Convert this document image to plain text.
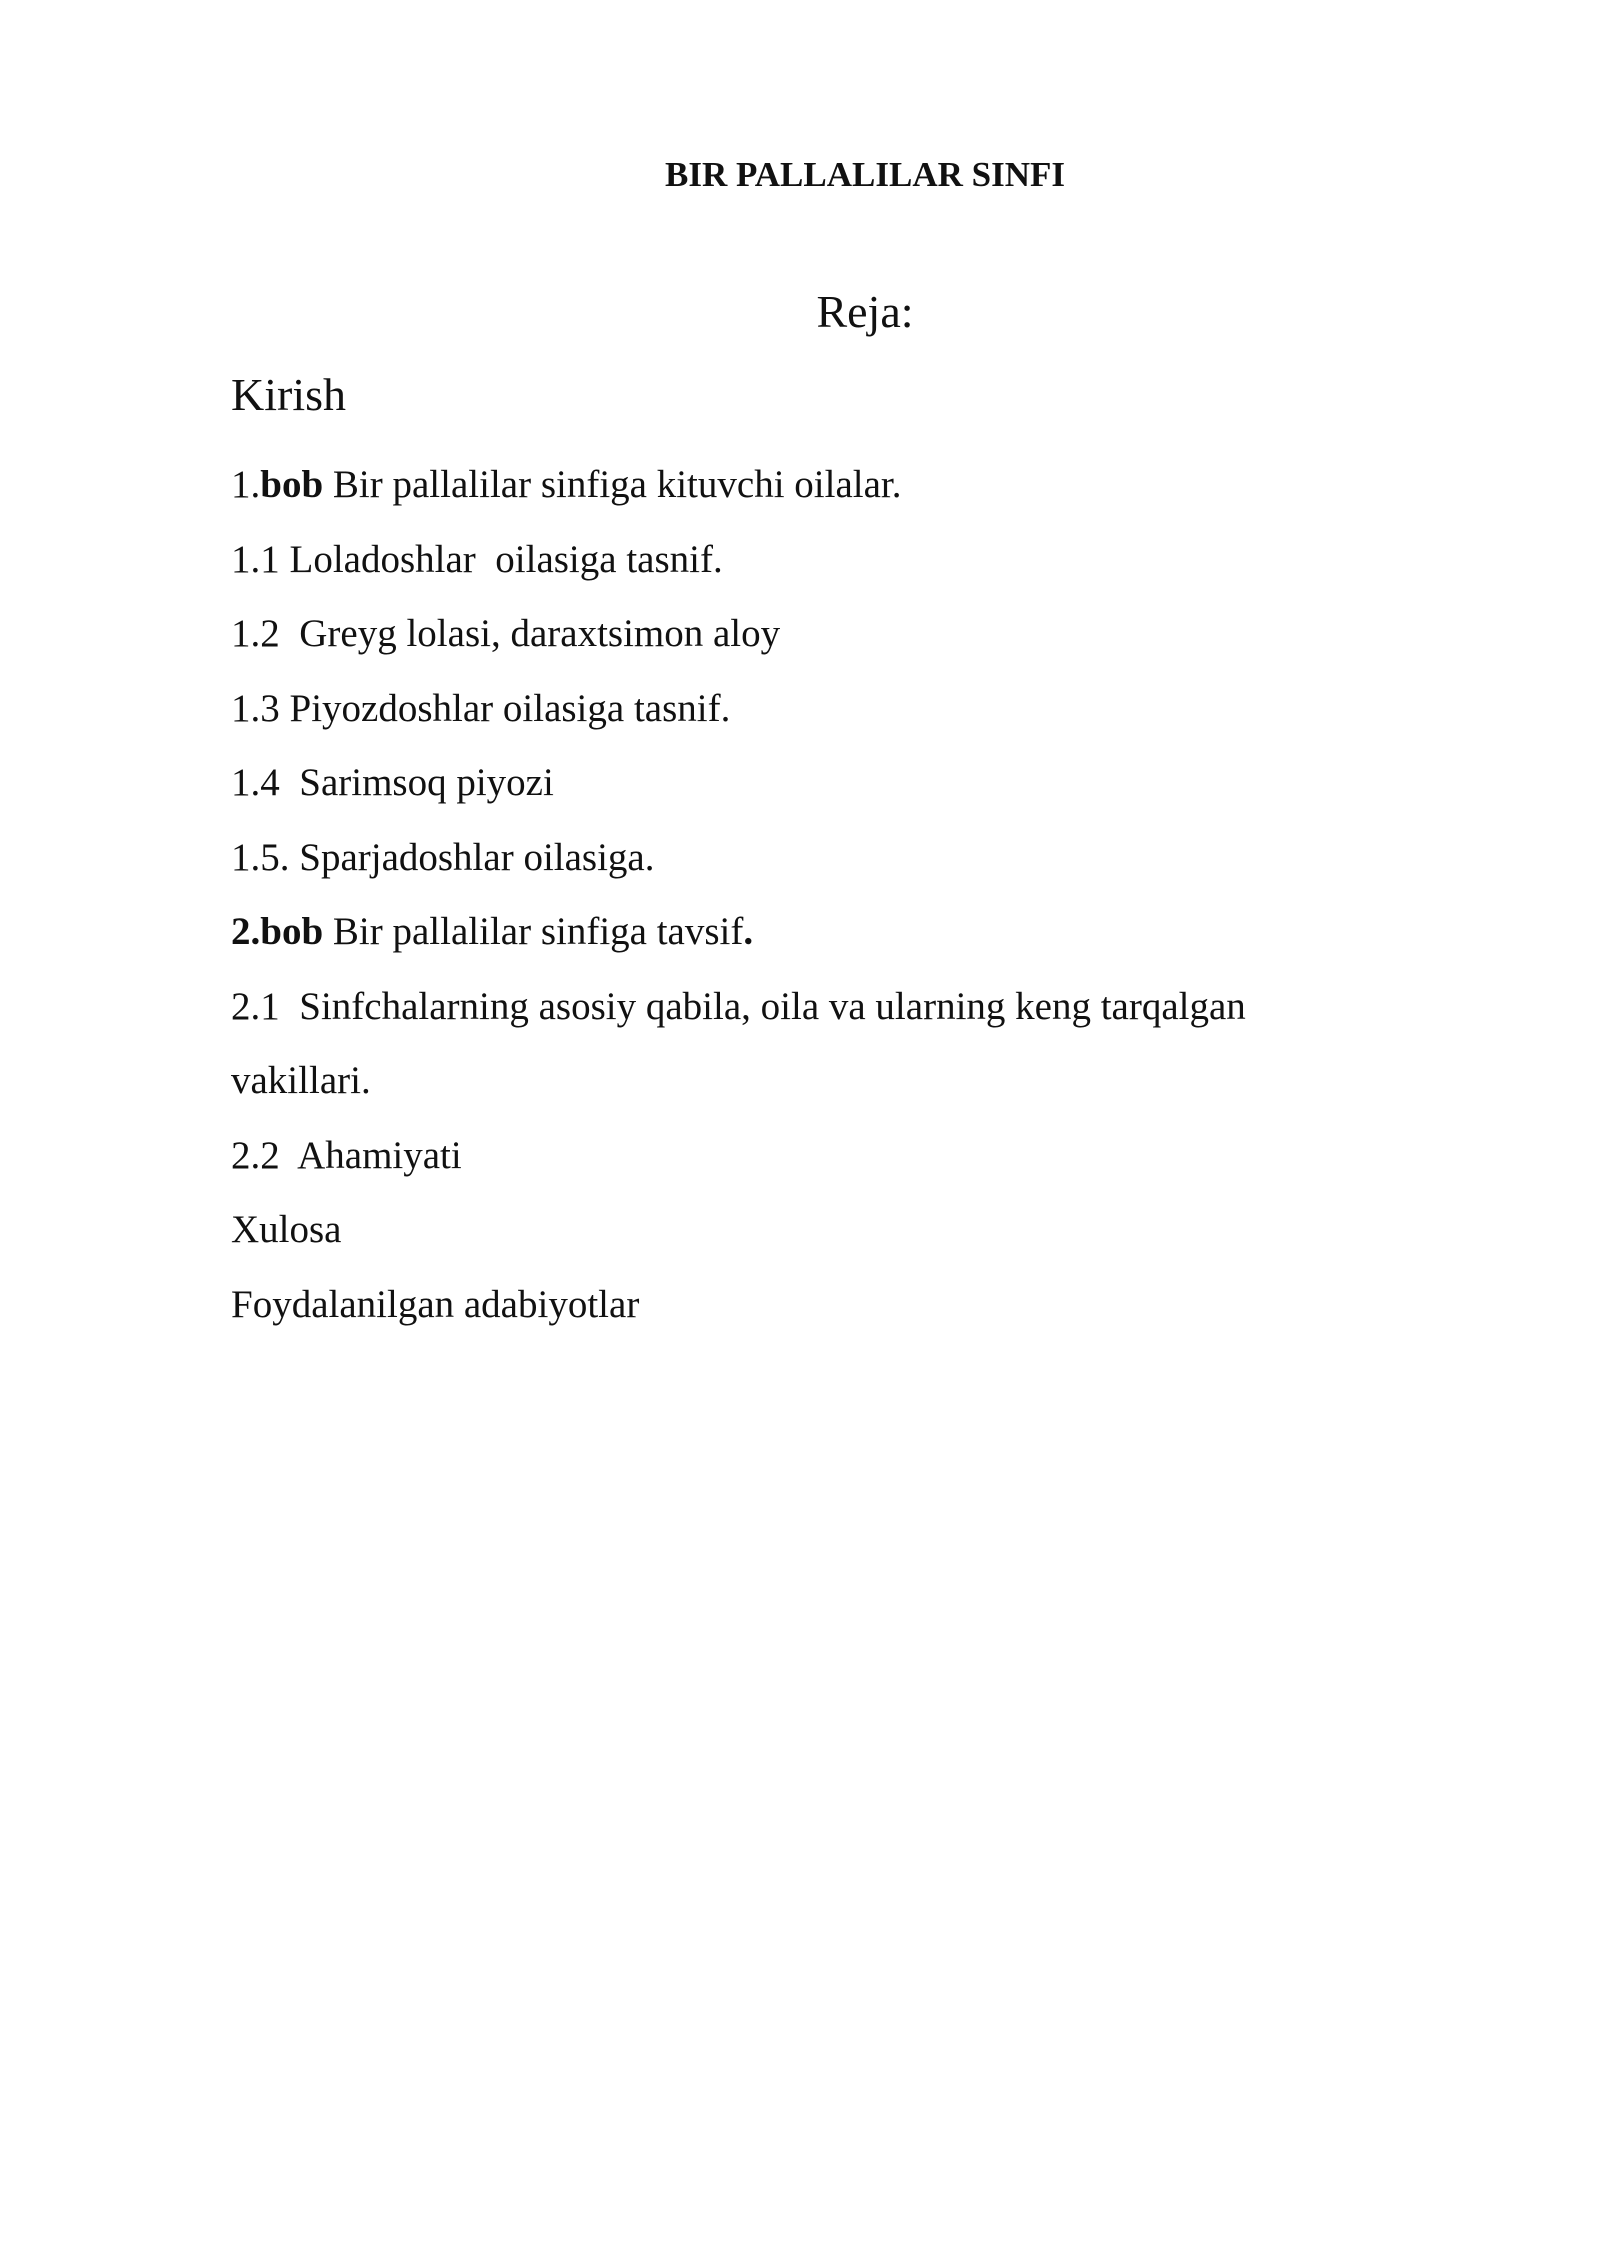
BIR PALLALILAR SINFI
Reja:
Kirish
1.bob Bir pallalilar sinfiga kituvchi oilalar.
1.1 Loladoshlar  oilasiga tasnif.
1.2  Greyg lolasi, daraxtsimon aloy
1.3 Piyozdoshlar oilasiga tasnif.
1.4  Sarimsoq piyozi
1.5. Sparjadoshlar oilasiga.
2.bob Bir pallalilar sinfiga tavsif.
2.1  Sinfchalarning asosiy qabila, oila va ularning keng tarqalgan
vakillari.
2.2  Ahamiyati
Xulosa
Foydalanilgan adabiyotlar
